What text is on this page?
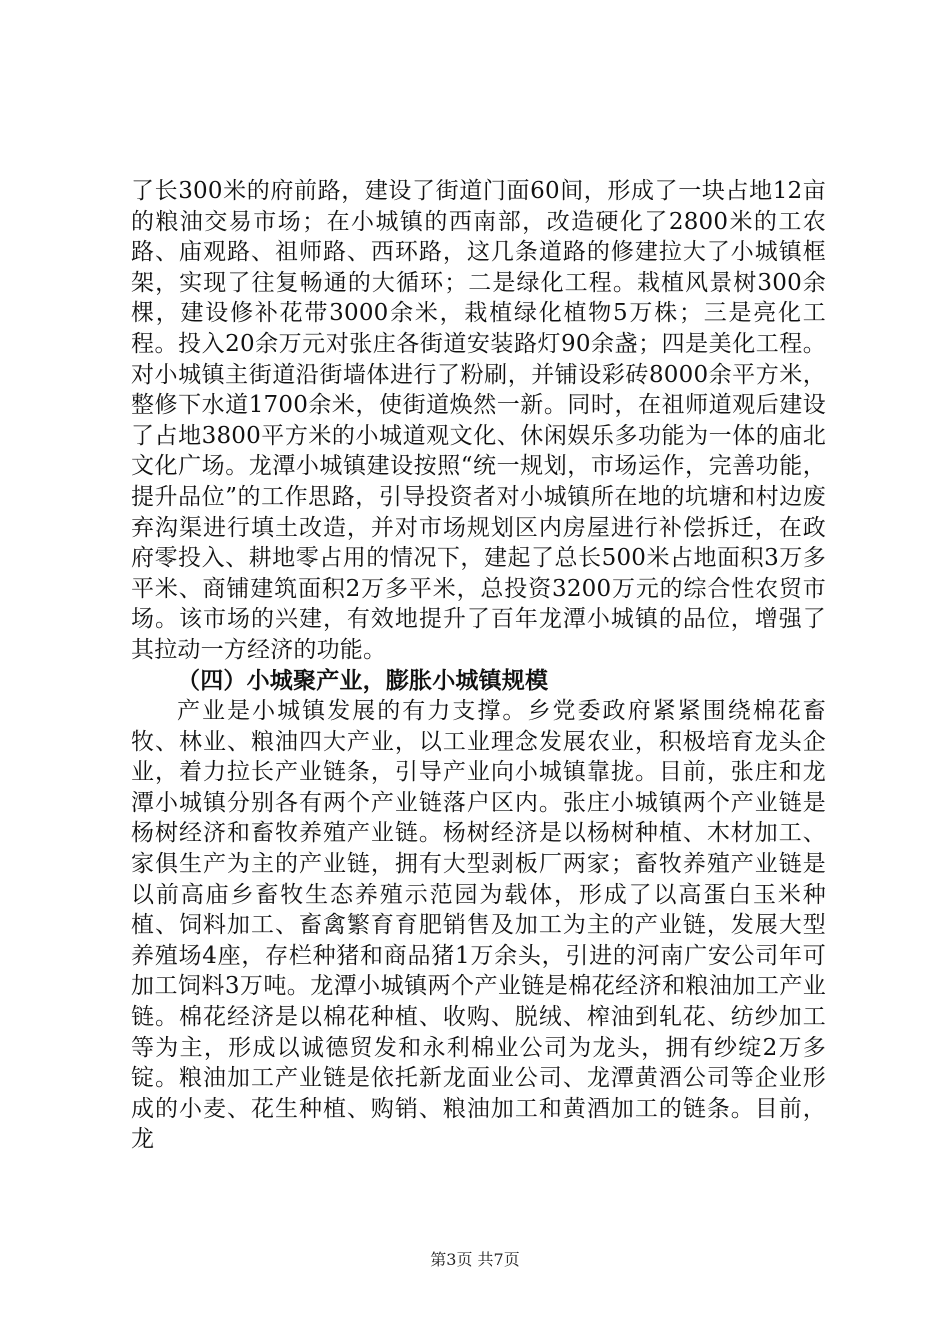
了长300米的府前路，建设了街道门面60间，形成了一块占地12亩的粮油交易市场；在小城镇的西南部，改造硬化了2800米的工农路、庙观路、祖师路、西环路，这几条道路的修建拉大了小城镇框架，实现了往复畅通的大循环；二是绿化工程。栽植风景树300余棵，建设修补花带3000余米，栽植绿化植物5万株；三是亮化工程。投入20余万元对张庄各街道安装路灯90余盏；四是美化工程。对小城镇主街道沿街墙体进行了粉刷，并铺设彩砖8000余平方米，整修下水道1700余米，使街道焕然一新。同时，在祖师道观后建设了占地3800平方米的小城道观文化、休闲娱乐多功能为一体的庙北文化广场。龙潭小城镇建设按照“统一规划，市场运作，完善功能，提升品位”的工作思路，引导投资者对小城镇所在地的坑塘和村边废弃沟渠进行填土改造，并对市场规划区内房屋进行补偿拆迁，在政府零投入、耕地零占用的情况下，建起了总长500米占地面积3万多平米、商铺建筑面积2万多平米，总投资3200万元的综合性农贸市场。该市场的兴建，有效地提升了百年龙潭小城镇的品位，增强了其拉动一方经济的功能。

（四）小城聚产业，膨胀小城镇规模

产业是小城镇发展的有力支撑。乡党委政府紧紧围绕棉花畜牧、林业、粮油四大产业，以工业理念发展农业，积极培育龙头企业，着力拉长产业链条，引导产业向小城镇靠拢。目前，张庄和龙潭小城镇分别各有两个产业链落户区内。张庄小城镇两个产业链是杨树经济和畜牧养殖产业链。杨树经济是以杨树种植、木材加工、家俱生产为主的产业链，拥有大型剥板厂两家；畜牧养殖产业链是以前高庙乡畜牧生态养殖示范园为载体，形成了以高蛋白玉米种植、饲料加工、畜禽繁育育肥销售及加工为主的产业链，发展大型养殖场4座，存栏种猪和商品猪1万余头，引进的河南广安公司年可加工饲料3万吨。龙潭小城镇两个产业链是棉花经济和粮油加工产业链。棉花经济是以棉花种植、收购、脱绒、榨油到轧花、纺纱加工等为主，形成以诚德贸发和永利棉业公司为龙头，拥有纱绽2万多锭。粮油加工产业链是依托新龙面业公司、龙潭黄酒公司等企业形成的小麦、花生种植、购销、粮油加工和黄酒加工的链条。目前，龙

第3页 共7页
